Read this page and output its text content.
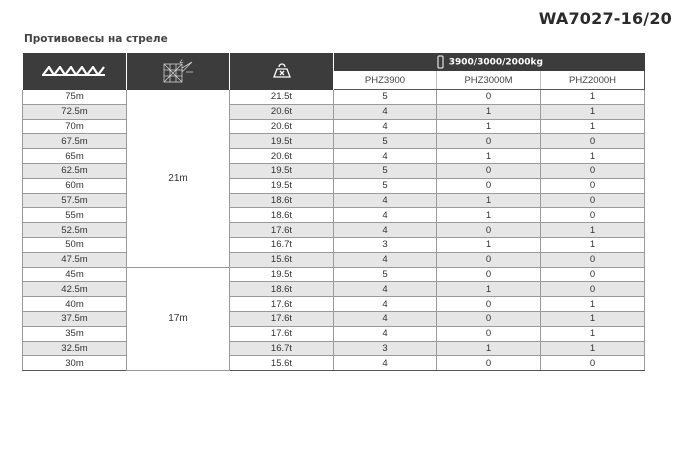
WA7027-16/20
Противовесы на стреле

∠		3900/3000/2000kg		
			PHZ3900	PHZ3000M	PHZ2000H
75m	21m	21.5t	5	0	1
72.5m		20.6t	4	1	1
70m		20.6t	4	1	1
67.5m		19.5t	5	0	0
65m		20.6t	4	1	1
62.5m		19.5t	5	0	0
60m		19.5t	5	0	0
57.5m		18.6t	4	1	0
55m		18.6t	4	1	0
52.5m		17.6t	4	0	1
50m		16.7t	3	1	1
47.5m		15.6t	4	0	0
45m	17m	19.5t	5	0	0
42.5m		18.6t	4	1	0
40m		17.6t	4	0	1
37.5m		17.6t	4	0	1
35m		17.6t	4	0	1
32.5m		16.7t	3	1	1
30m		15.6t	4	0	0
